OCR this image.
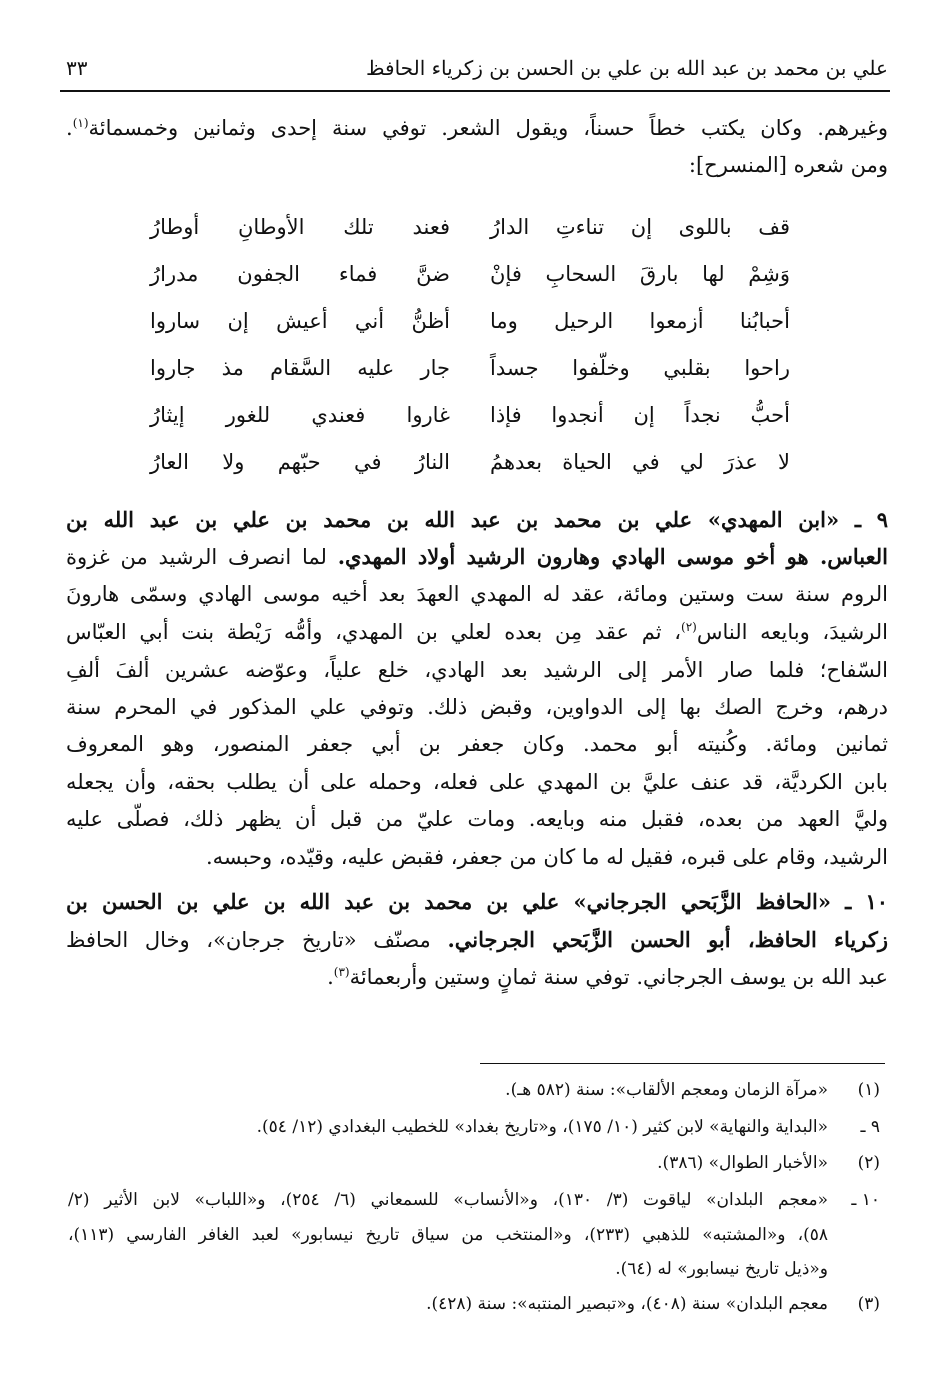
علي بن محمد بن عبد الله بن علي بن الحسن بن زكرياء الحافظ
٣٣
وغيرهم. وكان يكتب خطاً حسناً، ويقول الشعر. توفي سنة إحدى وثمانين وخمسمائة$^{(١)}$.
ومن شعره [المنسرح]:
قف باللوى إن تناءتِ الدارُ
فعند تلك الأوطانِ أوطارُ
وَشِمْ لها بارقَ السحابِ فإنْ
ضنَّ فماء الجفون مدرارُ
أحبابُنا أزمعوا الرحيل وما
أظنُّ أني أعيش إن ساروا
راحوا بقلبي وخلّفوا جسداً
جار عليه السَّقام مذ جاروا
أحبُّ نجداً إن أنجدوا فإذا
غاروا فعندي للغور إيثارُ
لا عذرَ لي في الحياة بعدهمُ
النارُ في حبّهم ولا العارُ
٩ ـ «ابن المهدي» علي بن محمد بن عبد الله بن محمد بن علي بن عبد الله بن
العباس. هو أخو موسى الهادي وهارون الرشيد أولاد المهدي. لما انصرف الرشيد من غزوة
الروم سنة ست وستين ومائة، عقد له المهدي العهدَ بعد أخيه موسى الهادي وسمّى هارونَ
الرشيدَ، وبايعه الناس$^{(٢)}$، ثم عقد مِن بعده لعلي بن المهدي، وأمُّه رَيْطة بنت أبي العبّاس
السّفاح؛ فلما صار الأمر إلى الرشيد بعد الهادي، خلع علياً، وعوّضه عشرين ألفَ ألفِ
درهم، وخرج الصك بها إلى الدواوين، وقبض ذلك. وتوفي علي المذكور في المحرم سنة
ثمانين ومائة. وكُنيته أبو محمد. وكان جعفر بن أبي جعفر المنصور، وهو المعروف
بابن الكرديَّة، قد عنف عليَّ بن المهدي على فعله، وحمله على أن يطلب بحقه، وأن يجعله
وليَّ العهد من بعده، فقبل منه وبايعه. ومات عليّ من قبل أن يظهر ذلك، فصلّى عليه
الرشيد، وقام على قبره، فقيل له ما كان من جعفر، فقبض عليه، وقيّده، وحبسه.
١٠ ـ «الحافظ الزَّبَحي الجرجاني» علي بن محمد بن عبد الله بن علي بن الحسن بن
زكرياء الحافظ، أبو الحسن الزَّبَحي الجرجاني. مصنّف «تاريخ جرجان»، وخال الحافظ
عبد الله بن يوسف الجرجاني. توفي سنة ثمانٍ وستين وأربعمائة$^{(٣)}$.
(١)
«مرآة الزمان ومعجم الألقاب»: سنة (٥٨٢ هـ).
٩ ـ
«البداية والنهاية» لابن كثير (١٠/ ١٧٥)، و«تاريخ بغداد» للخطيب البغدادي (١٢/ ٥٤).
(٢)
«الأخبار الطوال» (٣٨٦).
١٠ ـ
«معجم البلدان» لياقوت (٣/ ١٣٠)، و«الأنساب» للسمعاني (٦/ ٢٥٤)، و«اللباب» لابن الأثير (٢/
٥٨)، و«المشتبه» للذهبي (٢٣٣)، و«المنتخب من سياق تاريخ نيسابور» لعبد الغافر الفارسي (١١٣)،
و«ذيل تاريخ نيسابور» له (٦٤).
(٣)
معجم البلدان» سنة (٤٠٨)، و«تبصير المنتبه»: سنة (٤٢٨).
